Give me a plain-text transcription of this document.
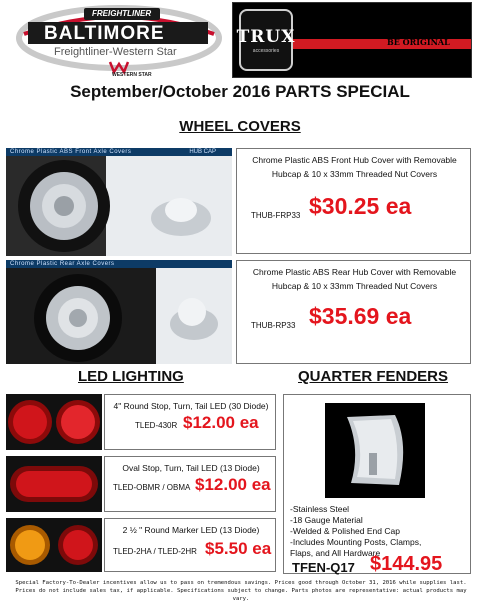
FREIGHTLINER
BALTIMORE
Freightliner-Western Star
WESTERN STAR
BE ORIGINAL
TRUX
accessories
September/October 2016 PARTS SPECIAL
WHEEL COVERS
Chrome Plastic ABS Front Axle Covers	HUB CAP
Chrome Plastic ABS Front Hub Cover with Removable Hubcap & 10 x 33mm Threaded Nut Covers
THUB-FRP33 $30.25 ea
Chrome Plastic Rear Axle Covers
Chrome Plastic ABS Rear Hub Cover with Removable Hubcap & 10 x 33mm Threaded Nut Covers
THUB-RP33 $35.69 ea
LED LIGHTING	QUARTER FENDERS
4" Round Stop, Turn, Tail LED (30 Diode)
TLED-430R $12.00 ea
Oval Stop, Turn, Tail LED (13 Diode)
TLED-OBMR / OBMA $12.00 ea
2 ½ " Round Marker LED (13 Diode)
TLED-2HA / TLED-2HR $5.50 ea
-Stainless Steel
-18 Gauge Material
-Welded & Polished End Cap
-Includes Mounting Posts, Clamps,
Flaps, and All Hardware
TFEN-Q17 $144.95
Special Factory-To-Dealer incentives allow us to pass on tremendous savings. Prices good through October 31, 2016 while supplies last.
Prices do not include sales tax, if applicable. Specifications subject to change. Parts photos are representative: actual products may vary.
